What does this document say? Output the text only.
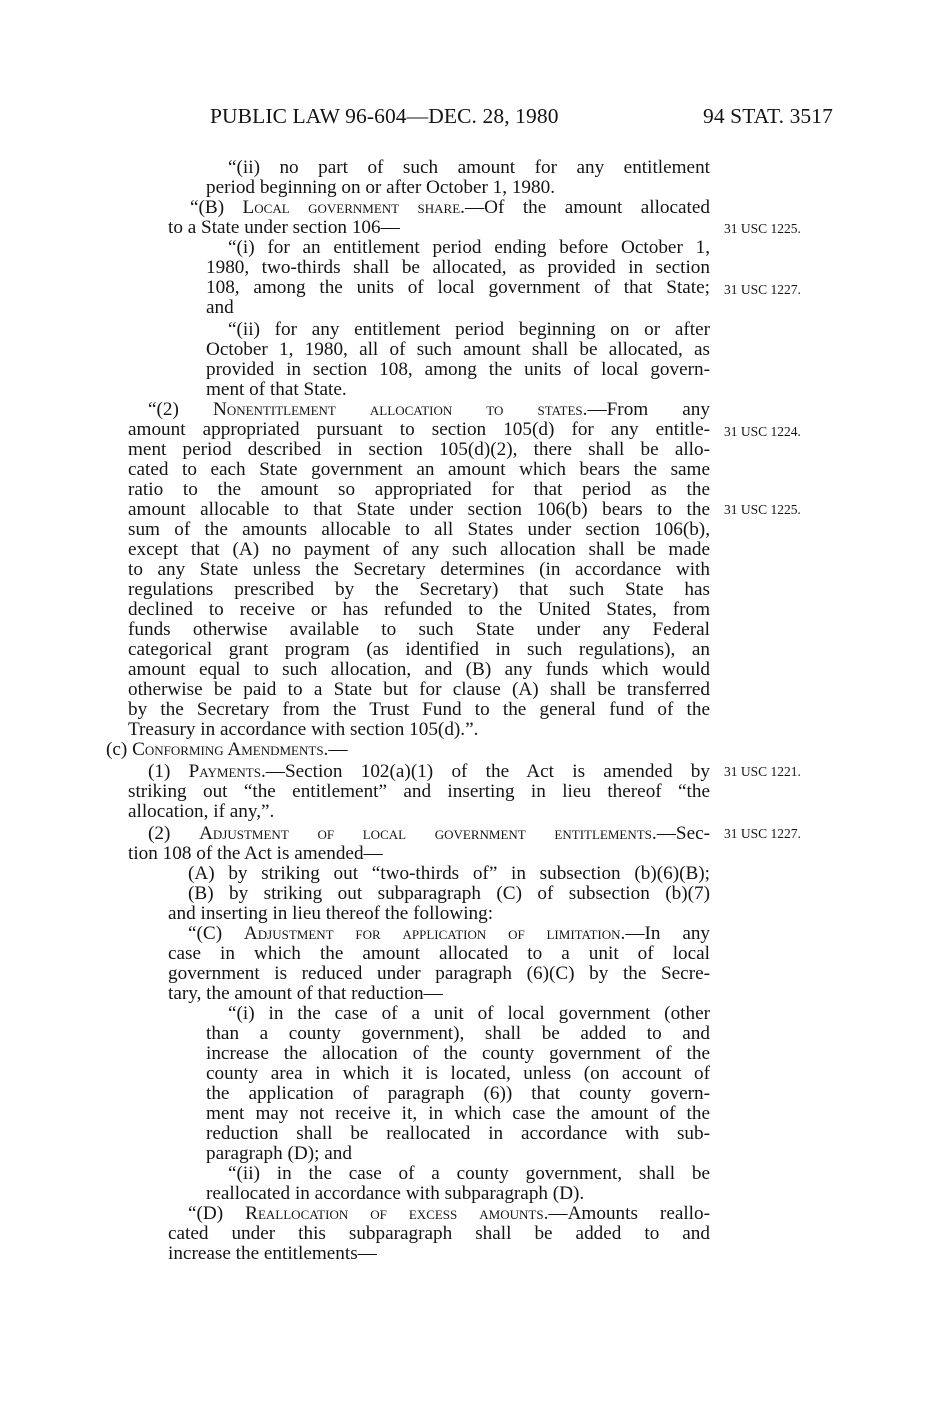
PUBLIC LAW 96-604—DEC. 28, 1980	94 STAT. 3517
“(ii) no part of such amount for any entitlement
period beginning on or after October 1, 1980.
“(B) Local government share.—Of the amount allocated
to a State under section 106—
“(i) for an entitlement period ending before October 1,
1980, two-thirds shall be allocated, as provided in section
108, among the units of local government of that State;
and
“(ii) for any entitlement period beginning on or after
October 1, 1980, all of such amount shall be allocated, as
provided in section 108, among the units of local govern-
ment of that State.
“(2) Nonentitlement allocation to states.—From any
amount appropriated pursuant to section 105(d) for any entitle-
ment period described in section 105(d)(2), there shall be allo-
cated to each State government an amount which bears the same
ratio to the amount so appropriated for that period as the
amount allocable to that State under section 106(b) bears to the
sum of the amounts allocable to all States under section 106(b),
except that (A) no payment of any such allocation shall be made
to any State unless the Secretary determines (in accordance with
regulations prescribed by the Secretary) that such State has
declined to receive or has refunded to the United States, from
funds otherwise available to such State under any Federal
categorical grant program (as identified in such regulations), an
amount equal to such allocation, and (B) any funds which would
otherwise be paid to a State but for clause (A) shall be transferred
by the Secretary from the Trust Fund to the general fund of the
Treasury in accordance with section 105(d).”.
(c) Conforming Amendments.—
(1) Payments.—Section 102(a)(1) of the Act is amended by
striking out “the entitlement” and inserting in lieu thereof “the
allocation, if any,”.
(2) Adjustment of local government entitlements.—Sec-
tion 108 of the Act is amended—
(A) by striking out “two-thirds of” in subsection (b)(6)(B);
(B) by striking out subparagraph (C) of subsection (b)(7)
and inserting in lieu thereof the following:
“(C) Adjustment for application of limitation.—In any
case in which the amount allocated to a unit of local
government is reduced under paragraph (6)(C) by the Secre-
tary, the amount of that reduction—
“(i) in the case of a unit of local government (other
than a county government), shall be added to and
increase the allocation of the county government of the
county area in which it is located, unless (on account of
the application of paragraph (6)) that county govern-
ment may not receive it, in which case the amount of the
reduction shall be reallocated in accordance with sub-
paragraph (D); and
“(ii) in the case of a county government, shall be
reallocated in accordance with subparagraph (D).
“(D) Reallocation of excess amounts.—Amounts reallo-
cated under this subparagraph shall be added to and
increase the entitlements—
31 USC 1225.
31 USC 1227.
31 USC 1224.
31 USC 1225.
31 USC 1221.
31 USC 1227.
